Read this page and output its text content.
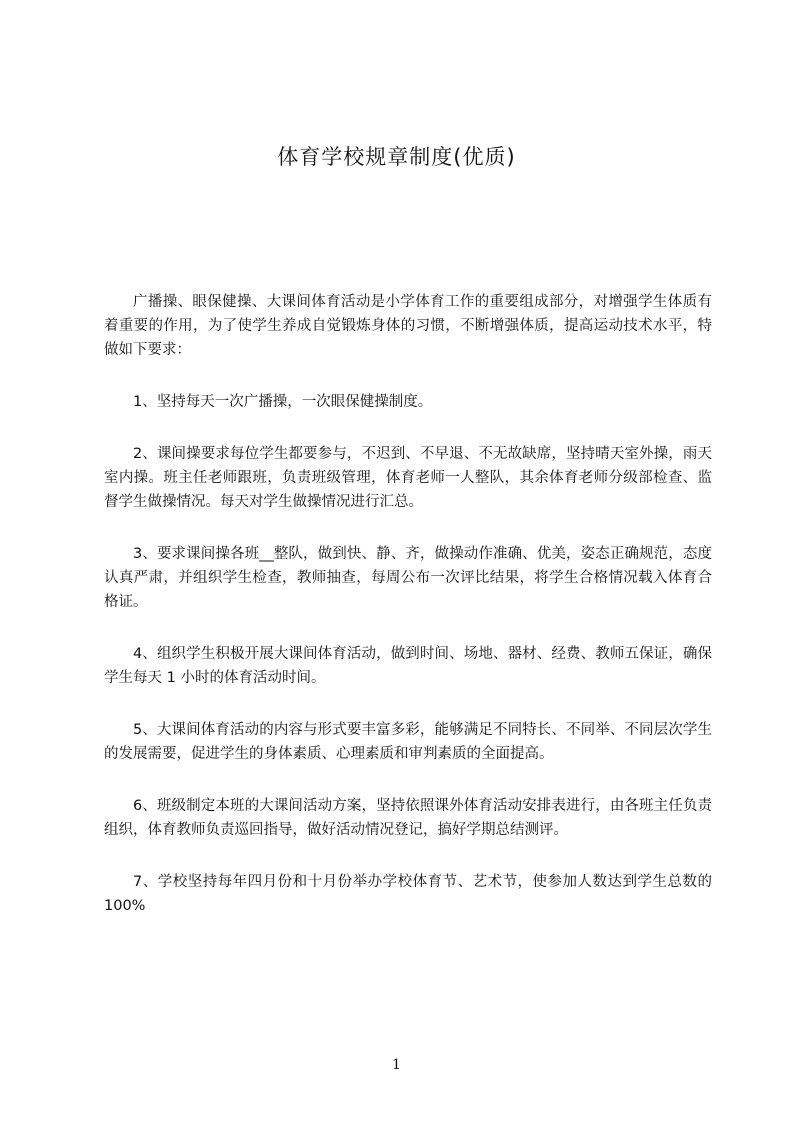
体育学校规章制度(优质)

广播操、眼保健操、大课间体育活动是小学体育工作的重要组成部分，对增强学生体质有着重要的作用，为了使学生养成自觉锻炼身体的习惯，不断增强体质，提高运动技术水平，特做如下要求：

1、坚持每天一次广播操，一次眼保健操制度。

2、课间操要求每位学生都要参与，不迟到、不早退、不无故缺席，坚持晴天室外操，雨天室内操。班主任老师跟班，负责班级管理，体育老师一人整队，其余体育老师分级部检查、监督学生做操情况。每天对学生做操情况进行汇总。

3、要求课间操各班__整队，做到快、静、齐，做操动作准确、优美，姿态正确规范，态度认真严肃，并组织学生检查，教师抽查，每周公布一次评比结果，将学生合格情况载入体育合格证。

4、组织学生积极开展大课间体育活动，做到时间、场地、器材、经费、教师五保证，确保学生每天 1 小时的体育活动时间。

5、大课间体育活动的内容与形式要丰富多彩，能够满足不同特长、不同举、不同层次学生的发展需要，促进学生的身体素质、心理素质和审判素质的全面提高。

6、班级制定本班的大课间活动方案，坚持依照课外体育活动安排表进行，由各班主任负责组织，体育教师负责巡回指导，做好活动情况登记，搞好学期总结测评。

7、学校坚持每年四月份和十月份举办学校体育节、艺术节，使参加人数达到学生总数的 100%

1
